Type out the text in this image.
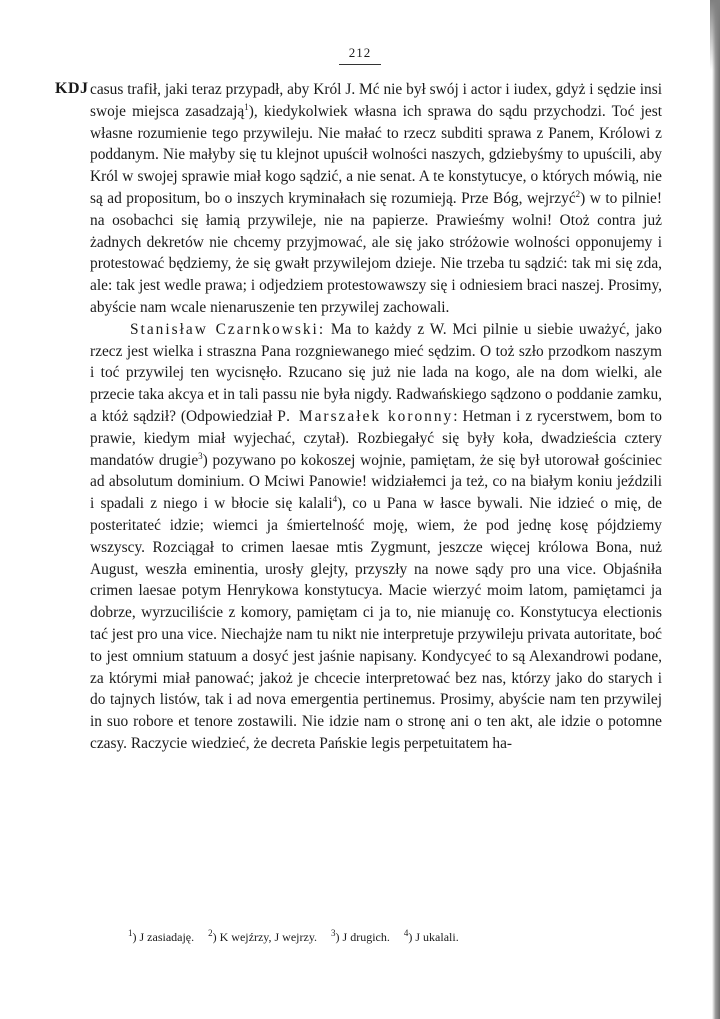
212
KDJ casus trafił, jaki teraz przypadł, aby Król J. Mć nie był swój i actor i iudex, gdyż i sędzie insi swoje miejsca zasadzają$^1$), kiedykolwiek własna ich sprawa do sądu przychodzi. Toć jest własne rozumienie tego przywileju. Nie małać to rzecz subditi sprawa z Panem, Królowi z poddanym. Nie małyby się tu klejnot upuścił wolności naszych, gdziebyśmy to upuścili, aby Król w swojej sprawie miał kogo sądzić, a nie senat. A te konstytucye, o których mówią, nie są ad propositum, bo o inszych kryminałach się rozumieją. Prze Bóg, wejrzyć$^2$) w to pilnie! na osobachci się łamią przywileje, nie na papierze. Prawieśmy wolni! Otoż contra już żadnych dekretów nie chcemy przyjmować, ale się jako stróżowie wolności opponujemy i protestować będziemy, że się gwałt przywilejom dzieje. Nie trzeba tu sądzić: tak mi się zda, ale: tak jest wedle prawa; i odjedziem protestowawszy się i odniesiem braci naszej. Prosimy, abyście nam wcale nienaruszenie ten przywilej zachowali.

Stanisław Czarnkowski: Ma to każdy z W. Mci pilnie u siebie uważyć, jako rzecz jest wielka i straszna Pana rozgniewanego mieć sędzim. O toż szło przodkom naszym i toć przywilej ten wycisnęło. Rzucano się już nie lada na kogo, ale na dom wielki, ale przecie taka akcya et in tali passu nie była nigdy. Radwańskiego sądzono o poddanie zamku, a któż sądził? (Odpowiedział P. Marszałek koronny: Hetman i z rycerstwem, bom to prawie, kiedym miał wyjechać, czytał). Rozbiegałyć się były koła, dwadzieścia cztery mandatów drugie$^3$) pozywano po kokoszej wojnie, pamiętam, że się był utorował gościniec ad absolutum dominium. O Mciwi Panowie! widziałemci ja też, co na białym koniu jeździli i spadali z niego i w błocie się kalali$^4$), co u Pana w łasce bywali. Nie idzieć o mię, de posteritateć idzie; wiemci ja śmiertelność moję, wiem, że pod jednę kosę pójdziemy wszyscy. Rozciągał to crimen laesae mtis Zygmunt, jeszcze więcej królowa Bona, nuż August, weszła eminentia, urosły glejty, przyszły na nowe sądy pro una vice. Objaśniła crimen laesae potym Henrykowa konstytucya. Macie wierzyć moim latom, pamiętamci ja dobrze, wyrzuciliście z komory, pamiętam ci ja to, nie mianuję co. Konstytucya electionis tać jest pro una vice. Niechajże nam tu nikt nie interpretuje przywileju privata autoritate, boć to jest omnium statuum a dosyć jest jaśnie napisany. Kondycyeć to są Alexandrowi podane, za którymi miał panować; jakoż je chcecie interpretować bez nas, którzy jako do starych i do tajnych listów, tak i ad nova emergentia pertinemus. Prosimy, abyście nam ten przywilej in suo robore et tenore zostawili. Nie idzie nam o stronę ani o ten akt, ale idzie o potomne czasy. Raczycie wiedzieć, że decreta Pańskie legis perpetuitatem ha-

$^1$) J zasiadaję. $^2$) K wejźrzy, J wejrzy. $^3$) J drugich. $^4$) J ukalali.
